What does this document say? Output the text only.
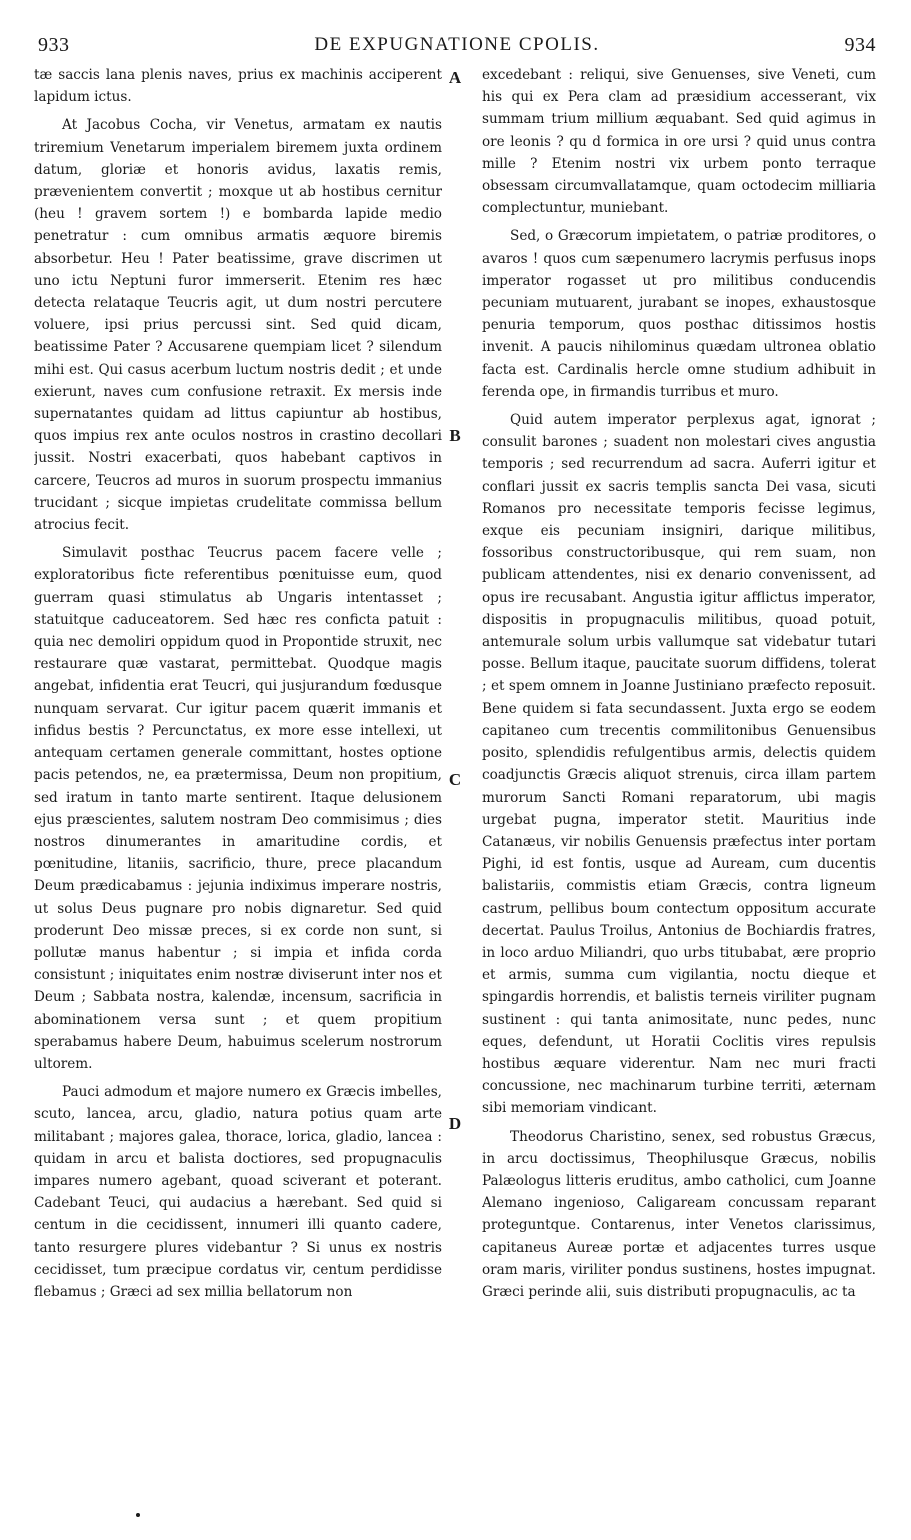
933	DE EXPUGNATIONE CPOLIS.	934

tæ saccis lana plenis naves, prius ex machinis acciperent lapidum ictus.

At Jacobus Cocha, vir Venetus, armatam ex nautis triremium Venetarum imperialem biremem juxta ordinem datum, gloriæ et honoris avidus, laxatis remis, prævenientem convertit ; moxque ut ab hostibus cernitur (heu ! gravem sortem !) e bombarda lapide medio penetratur : cum omnibus armatis æquore biremis absorbetur. Heu ! Pater beatissime, grave discrimen ut uno ictu Neptuni furor immerserit. Etenim res hæc detecta relataque Teucris agit, ut dum nostri percutere voluere, ipsi prius percussi sint. Sed quid dicam, beatissime Pater ? Accusarene quempiam licet ? silendum mihi est. Qui casus acerbum luctum nostris dedit ; et unde exierunt, naves cum confusione retraxit. Ex mersis inde supernatantes quidam ad littus capiuntur ab hostibus, quos impius rex ante oculos nostros in crastino decollari jussit. Nostri exacerbati, quos habebant captivos in carcere, Teucros ad muros in suorum prospectu immanius trucidant ; sicque impietas crudelitate commissa bellum atrocius fecit.

Simulavit posthac Teucrus pacem facere velle ; exploratoribus ficte referentibus pœnituisse eum, quod guerram quasi stimulatus ab Ungaris intentasset ; statuitque caduceatorem. Sed hæc res conficta patuit : quia nec demoliri oppidum quod in Propontide struxit, nec restaurare quæ vastarat, permittebat. Quodque magis angebat, infidentia erat Teucri, qui jusjurandum fœdusque nunquam servarat. Cur igitur pacem quærit immanis et infidus bestis ? Percunctatus, ex more esse intellexi, ut antequam certamen generale committant, hostes optione pacis petendos, ne, ea prætermissa, Deum non propitium, sed iratum in tanto marte sentirent. Itaque delusionem ejus præscientes, salutem nostram Deo commisimus ; dies nostros dinumerantes in amaritudine cordis, et pœnitudine, litaniis, sacrificio, thure, prece placandum Deum prædicabamus : jejunia indiximus imperare nostris, ut solus Deus pugnare pro nobis dignaretur. Sed quid proderunt Deo missæ preces, si ex corde non sunt, si pollutæ manus habentur ; si impia et infida corda consistunt ; iniquitates enim nostræ diviserunt inter nos et Deum ; Sabbata nostra, kalendæ, incensum, sacrificia in abominationem versa sunt ; et quem propitium sperabamus habere Deum, habuimus scelerum nostrorum ultorem.

Pauci admodum et majore numero ex Græcis imbelles, scuto, lancea, arcu, gladio, natura potius quam arte militabant ; majores galea, thorace, lorica, gladio, lancea : quidam in arcu et balista doctiores, sed propugnaculis impares numero agebant, quoad sciverant et poterant. Cadebant Teuci, qui audacius a hærebant. Sed quid si centum in die cecidissent, innumeri illi quanto cadere, tanto resurgere plures videbantur ? Si unus ex nostris cecidisset, tum præcipue cordatus vir, centum perdidisse flebamus ; Græci ad sex millia bellatorum non

A
B
C
D

excedebant : reliqui, sive Genuenses, sive Veneti, cum his qui ex Pera clam ad præsidium accesserant, vix summam trium millium æquabant. Sed quid agimus in ore leonis ? qu d formica in ore ursi ? quid unus contra mille ? Etenim nostri vix urbem ponto terraque obsessam circumvallatamque, quam octodecim milliaria complectuntur, muniebant.

Sed, o Græcorum impietatem, o patriæ proditores, o avaros ! quos cum sæpenumero lacrymis perfusus inops imperator rogasset ut pro militibus conducendis pecuniam mutuarent, jurabant se inopes, exhaustosque penuria temporum, quos posthac ditissimos hostis invenit. A paucis nihilominus quædam ultronea oblatio facta est. Cardinalis hercle omne studium adhibuit in ferenda ope, in firmandis turribus et muro.

Quid autem imperator perplexus agat, ignorat ; consulit barones ; suadent non molestari cives angustia temporis ; sed recurrendum ad sacra. Auferri igitur et conflari jussit ex sacris templis sancta Dei vasa, sicuti Romanos pro necessitate temporis fecisse legimus, exque eis pecuniam insigniri, darique militibus, fossoribus constructoribusque, qui rem suam, non publicam attendentes, nisi ex denario convenissent, ad opus ire recusabant. Angustia igitur afflictus imperator, dispositis in propugnaculis militibus, quoad potuit, antemurale solum urbis vallumque sat videbatur tutari posse. Bellum itaque, paucitate suorum diffidens, tolerat ; et spem omnem in Joanne Justiniano præfecto reposuit. Bene quidem si fata secundassent. Juxta ergo se eodem capitaneo cum trecentis commilitonibus Genuensibus posito, splendidis refulgentibus armis, delectis quidem coadjunctis Græcis aliquot strenuis, circa illam partem murorum Sancti Romani reparatorum, ubi magis urgebat pugna, imperator stetit. Mauritius inde Catanæus, vir nobilis Genuensis præfectus inter portam Pighi, id est fontis, usque ad Auream, cum ducentis balistariis, commistis etiam Græcis, contra ligneum castrum, pellibus boum contectum oppositum accurate decertat. Paulus Troilus, Antonius de Bochiardis fratres, in loco arduo Miliandri, quo urbs titubabat, ære proprio et armis, summa cum vigilantia, noctu dieque et spingardis horrendis, et balistis terneis viriliter pugnam sustinent : qui tanta animositate, nunc pedes, nunc eques, defendunt, ut Horatii Coclitis vires repulsis hostibus æquare viderentur. Nam nec muri fracti concussione, nec machinarum turbine territi, æternam sibi memoriam vindicant.

Theodorus Charistino, senex, sed robustus Græcus, in arcu doctissimus, Theophilusque Græcus, nobilis Palæologus litteris eruditus, ambo catholici, cum Joanne Alemano ingenioso, Caligaream concussam reparant proteguntque. Contarenus, inter Venetos clarissimus, capitaneus Aureæ portæ et adjacentes turres usque oram maris, viriliter pondus sustinens, hostes impugnat. Græci perinde alii, suis distributi propugnaculis, ac ta
